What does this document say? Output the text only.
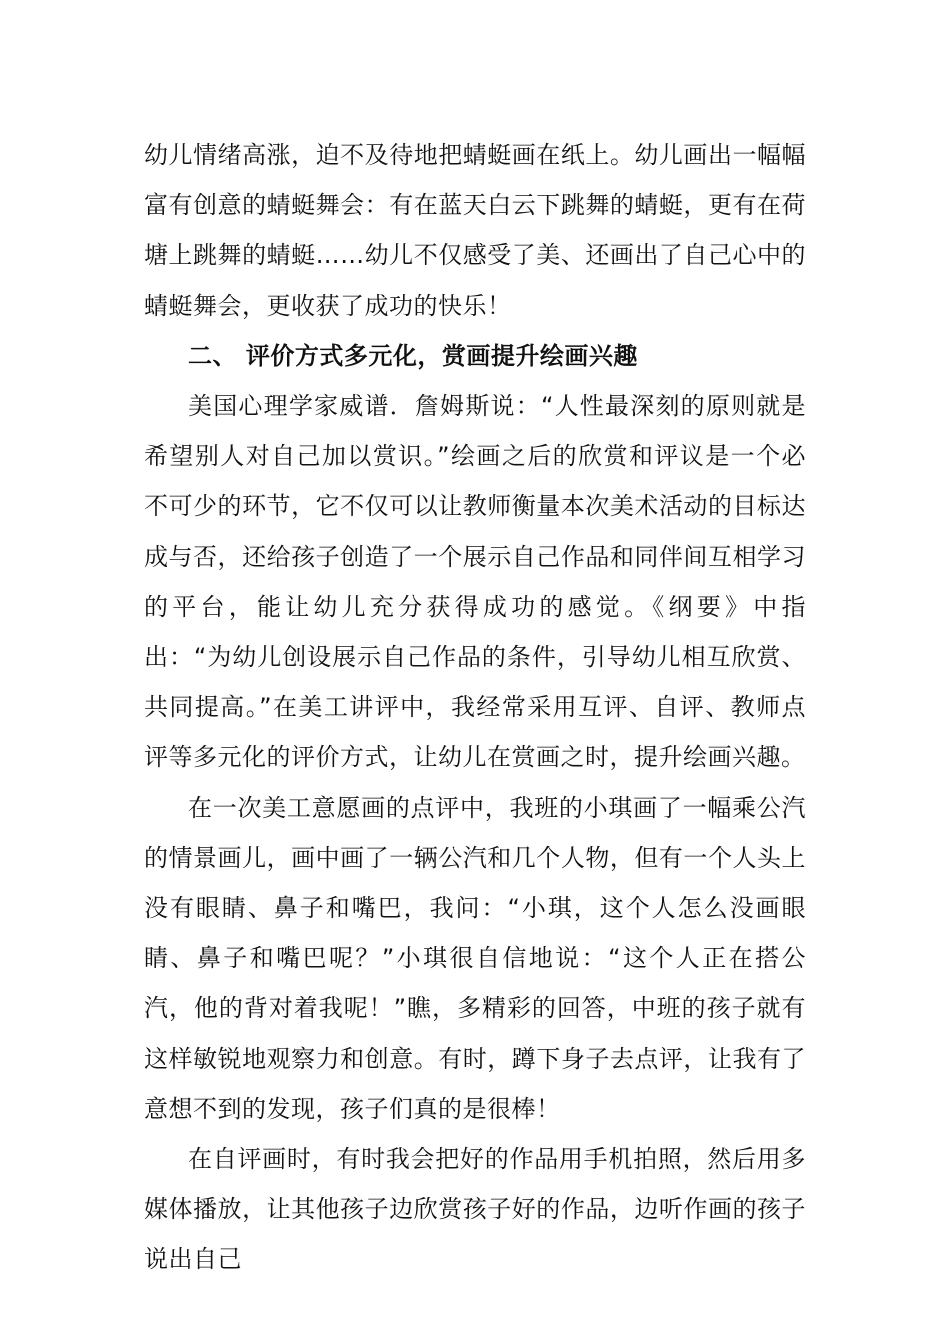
幼儿情绪高涨，迫不及待地把蜻蜓画在纸上。幼儿画出一幅幅富有创意的蜻蜓舞会：有在蓝天白云下跳舞的蜻蜓，更有在荷塘上跳舞的蜻蜓……幼儿不仅感受了美、还画出了自己心中的蜻蜓舞会，更收获了成功的快乐！

二、 评价方式多元化，赏画提升绘画兴趣

美国心理学家威谱．詹姆斯说：“人性最深刻的原则就是希望别人对自己加以赏识。”绘画之后的欣赏和评议是一个必不可少的环节，它不仅可以让教师衡量本次美术活动的目标达成与否，还给孩子创造了一个展示自己作品和同伴间互相学习的平台，能让幼儿充分获得成功的感觉。《纲要》中指出：“为幼儿创设展示自己作品的条件，引导幼儿相互欣赏、共同提高。”在美工讲评中，我经常采用互评、自评、教师点评等多元化的评价方式，让幼儿在赏画之时，提升绘画兴趣。

在一次美工意愿画的点评中，我班的小琪画了一幅乘公汽的情景画儿，画中画了一辆公汽和几个人物，但有一个人头上没有眼睛、鼻子和嘴巴，我问：“小琪，这个人怎么没画眼睛、鼻子和嘴巴呢？”小琪很自信地说：“这个人正在搭公汽，他的背对着我呢！”瞧，多精彩的回答，中班的孩子就有这样敏锐地观察力和创意。有时，蹲下身子去点评，让我有了意想不到的发现，孩子们真的是很棒！

在自评画时，有时我会把好的作品用手机拍照，然后用多媒体播放，让其他孩子边欣赏孩子好的作品，边听作画的孩子说出自己
